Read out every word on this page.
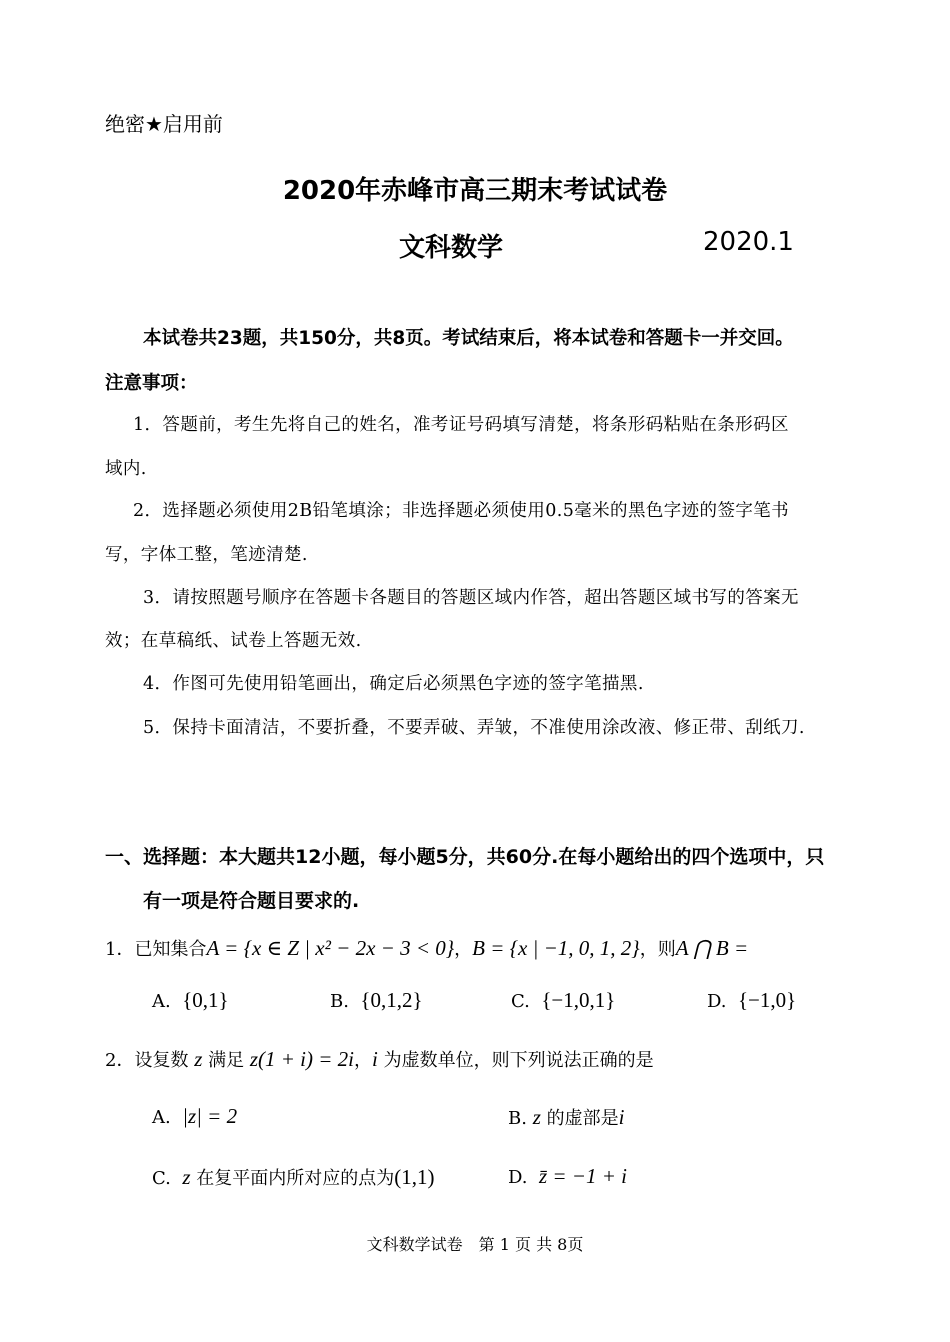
绝密★启用前
2020年赤峰市高三期末考试试卷
文科数学	2020.1
本试卷共23题，共150分，共8页。考试结束后，将本试卷和答题卡一并交回。
注意事项：
1．答题前，考生先将自己的姓名，准考证号码填写清楚，将条形码粘贴在条形码区
域内.
2．选择题必须使用2B铅笔填涂；非选择题必须使用0.5毫米的黑色字迹的签字笔书
写，字体工整，笔迹清楚.
3．请按照题号顺序在答题卡各题目的答题区域内作答，超出答题区域书写的答案无
效；在草稿纸、试卷上答题无效.
4．作图可先使用铅笔画出，确定后必须黑色字迹的签字笔描黑.
5．保持卡面清洁，不要折叠，不要弄破、弄皱，不准使用涂改液、修正带、刮纸刀.
一、选择题：本大题共12小题，每小题5分，共60分.在每小题给出的四个选项中，只
有一项是符合题目要求的.
1．已知集合A = {x ∈ Z | x² − 2x − 3 < 0}，B = {x | −1, 0, 1, 2}，则A ⋂ B =
A. {0,1}	B. {0,1,2}	C. {−1,0,1}	D. {−1,0}
2．设复数 z 满足 z(1 + i) = 2i，i 为虚数单位，则下列说法正确的是
A. |z| = 2	B. z 的虚部是i
C. z 在复平面内所对应的点为(1,1)	D. z̄ = −1 + i
文科数学试卷　第 1 页 共 8页
